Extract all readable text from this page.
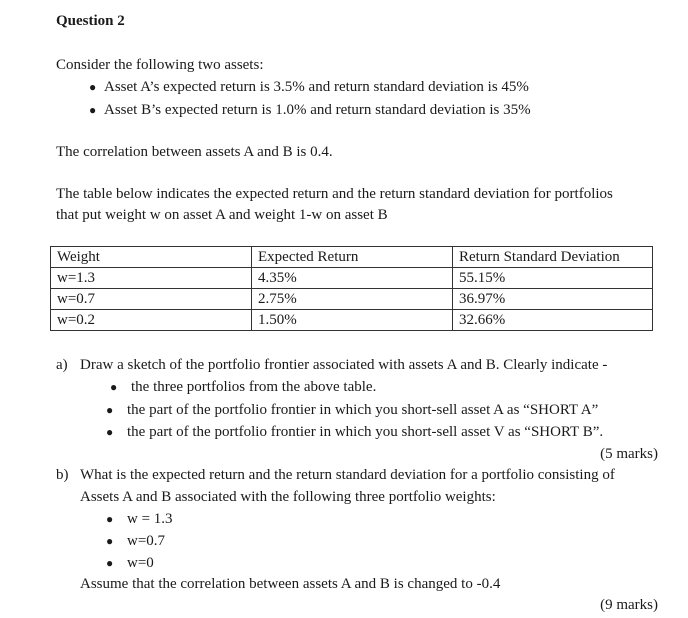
Question 2
Consider the following two assets:
● Asset A’s expected return is 3.5% and return standard deviation is 45%
● Asset B’s expected return is 1.0% and return standard deviation is 35%
The correlation between assets A and B is 0.4.
The table below indicates the expected return and the return standard deviation for portfolios
that put weight w on asset A and weight 1-w on asset B
Weight	Expected Return	Return Standard Deviation
w=1.3	4.35%	55.15%
w=0.7	2.75%	36.97%
w=0.2	1.50%	32.66%
a) Draw a sketch of the portfolio frontier associated with assets A and B. Clearly indicate -
● the three portfolios from the above table.
● the part of the portfolio frontier in which you short-sell asset A as “SHORT A”
● the part of the portfolio frontier in which you short-sell asset V as “SHORT B”.
(5 marks)
b) What is the expected return and the return standard deviation for a portfolio consisting of
Assets A and B associated with the following three portfolio weights:
● w = 1.3
● w=0.7
● w=0
Assume that the correlation between assets A and B is changed to -0.4
(9 marks)
